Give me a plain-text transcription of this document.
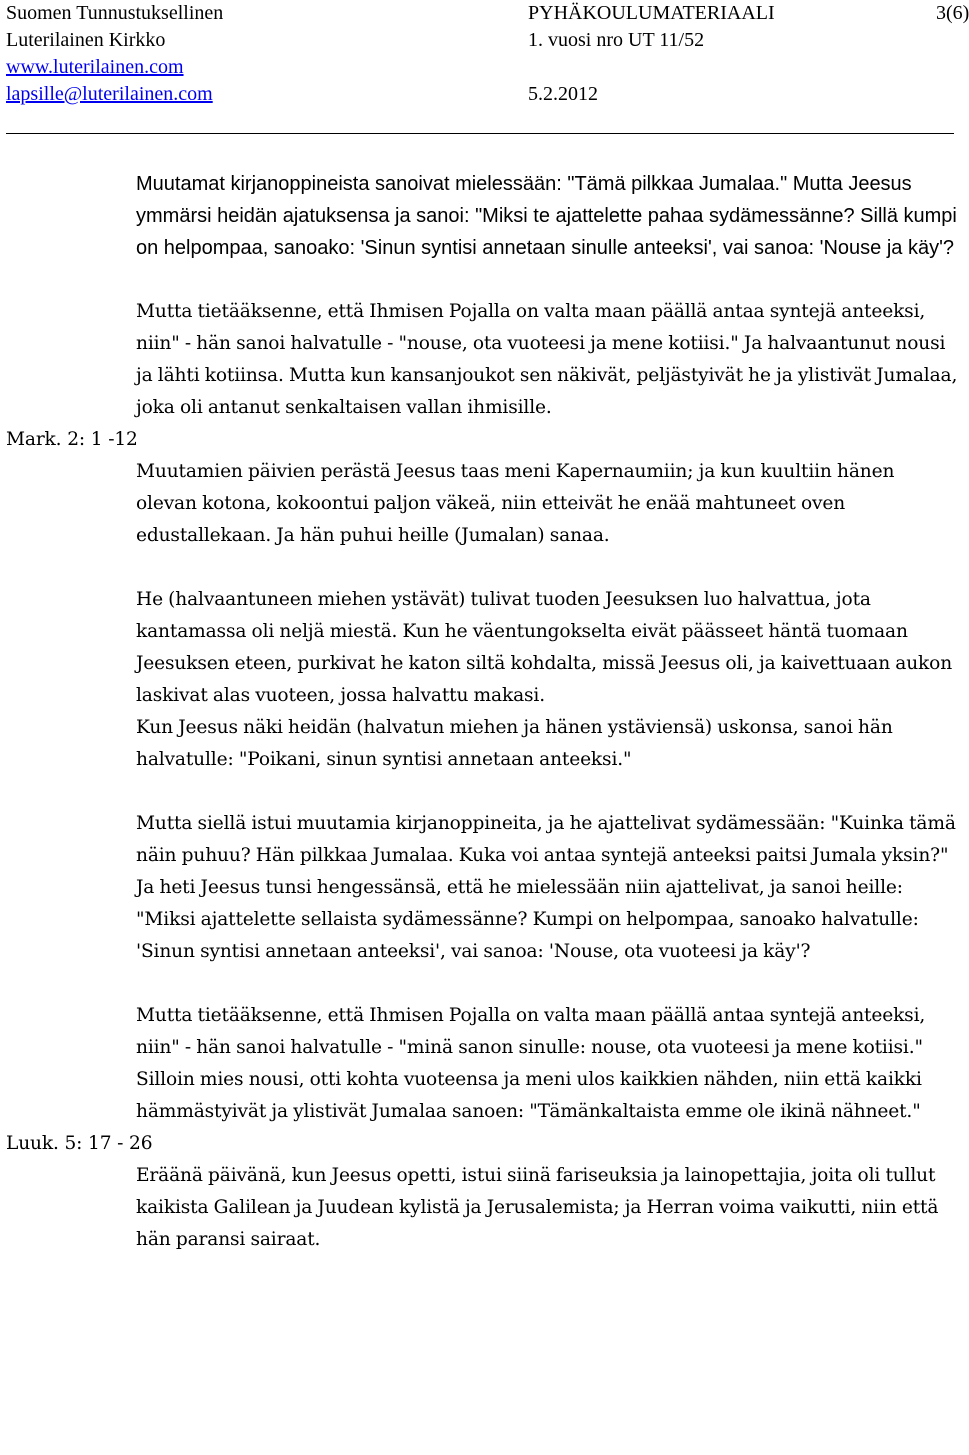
Suomen Tunnustuksellinen	PYHÄKOULUMATERIAALI	3(6)
Luterilainen Kirkko	1. vuosi nro UT 11/52
www.luterilainen.com
lapsille@luterilainen.com	5.2.2012

Muutamat kirjanoppineista sanoivat mielessään: "Tämä pilkkaa Jumalaa." Mutta Jeesus ymmärsi heidän ajatuksensa ja sanoi: "Miksi te ajattelette pahaa sydämessänne? Sillä kumpi on helpompaa, sanoako: 'Sinun syntisi annetaan sinulle anteeksi', vai sanoa: 'Nouse ja käy'?

Mutta tietääksenne, että Ihmisen Pojalla on valta maan päällä antaa syntejä anteeksi, niin" - hän sanoi halvatulle - "nouse, ota vuoteesi ja mene kotiisi." Ja halvaantunut nousi ja lähti kotiinsa. Mutta kun kansanjoukot sen näkivät, peljästyivät he ja ylistivät Jumalaa, joka oli antanut senkaltaisen vallan ihmisille.

Mark. 2: 1 -12

Muutamien päivien perästä Jeesus taas meni Kapernaumiin; ja kun kuultiin hänen olevan kotona, kokoontui paljon väkeä, niin etteivät he enää mahtuneet oven edustallekaan. Ja hän puhui heille (Jumalan) sanaa.

He (halvaantuneen miehen ystävät) tulivat tuoden Jeesuksen luo halvattua, jota kantamassa oli neljä miestä. Kun he väentungokselta eivät päässeet häntä tuomaan Jeesuksen eteen, purkivat he katon siltä kohdalta, missä Jeesus oli, ja kaivettuaan aukon laskivat alas vuoteen, jossa halvattu makasi.

Kun Jeesus näki heidän (halvatun miehen ja hänen ystäviensä) uskonsa, sanoi hän halvatulle: "Poikani, sinun syntisi annetaan anteeksi."

Mutta siellä istui muutamia kirjanoppineita, ja he ajattelivat sydämessään: "Kuinka tämä näin puhuu? Hän pilkkaa Jumalaa. Kuka voi antaa syntejä anteeksi paitsi Jumala yksin?" Ja heti Jeesus tunsi hengessänsä, että he mielessään niin ajattelivat, ja sanoi heille: "Miksi ajattelette sellaista sydämessänne? Kumpi on helpompaa, sanoako halvatulle: 'Sinun syntisi annetaan anteeksi', vai sanoa: 'Nouse, ota vuoteesi ja käy'?

Mutta tietääksenne, että Ihmisen Pojalla on valta maan päällä antaa syntejä anteeksi, niin" - hän sanoi halvatulle - "minä sanon sinulle: nouse, ota vuoteesi ja mene kotiisi." Silloin mies nousi, otti kohta vuoteensa ja meni ulos kaikkien nähden, niin että kaikki hämmästyivät ja ylistivät Jumalaa sanoen: "Tämänkaltaista emme ole ikinä nähneet."

Luuk. 5: 17 - 26

Eräänä päivänä, kun Jeesus opetti, istui siinä fariseuksia ja lainopettajia, joita oli tullut kaikista Galilean ja Juudean kylistä ja Jerusalemista; ja Herran voima vaikutti, niin että hän paransi sairaat.
